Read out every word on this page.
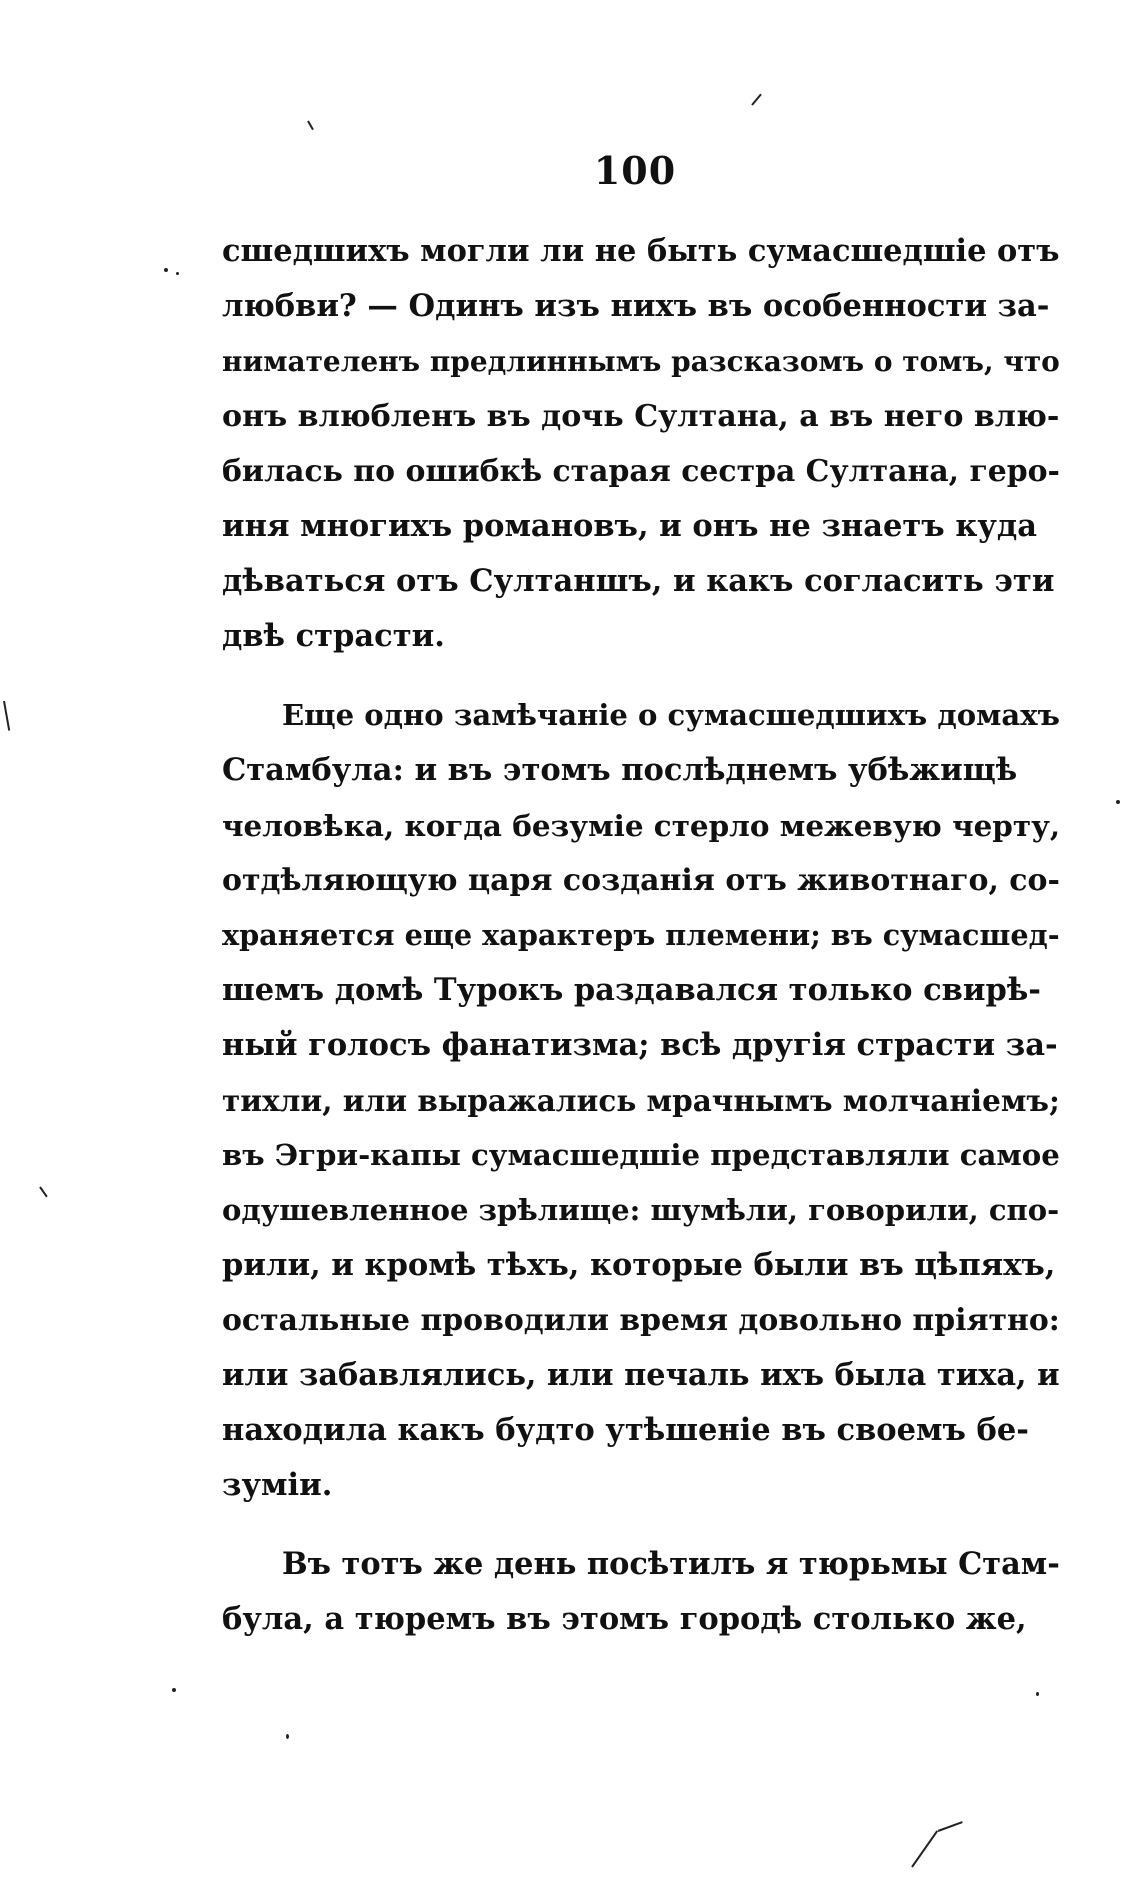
100
сшедшихъ могли ли не быть сумасшедшіе отъ
любви? — Одинъ изъ нихъ въ особенности за-
нимателенъ предлиннымъ разсказомъ о томъ, что
онъ влюбленъ въ дочь Султана, а въ него влю-
билась по ошибкѣ старая сестра Султана, геро-
иня многихъ романовъ, и онъ не знаетъ куда
дѣваться отъ Султаншъ, и какъ согласить эти
двѣ страсти.
Еще одно замѣчаніе о сумасшедшихъ домахъ
Стамбула: и въ этомъ послѣднемъ убѣжищѣ
человѣка, когда безуміе стерло межевую черту,
отдѣляющую царя созданія отъ животнаго, со-
храняется еще характеръ племени; въ сумасшед-
шемъ домѣ Турокъ раздавался только свирѣ-
ный голосъ фанатизма; всѣ другія страсти за-
тихли, или выражались мрачнымъ молчаніемъ;
въ Эгри-капы сумасшедшіе представляли самое
одушевленное зрѣлище: шумѣли, говорили, спо-
рили, и кромѣ тѣхъ, которые были въ цѣпяхъ,
остальные проводили время довольно пріятно:
или забавлялись, или печаль ихъ была тиха, и
находила какъ будто утѣшеніе въ своемъ бе-
зуміи.
Въ тотъ же день посѣтилъ я тюрьмы Стам-
була, а тюремъ въ этомъ городѣ столько же,
